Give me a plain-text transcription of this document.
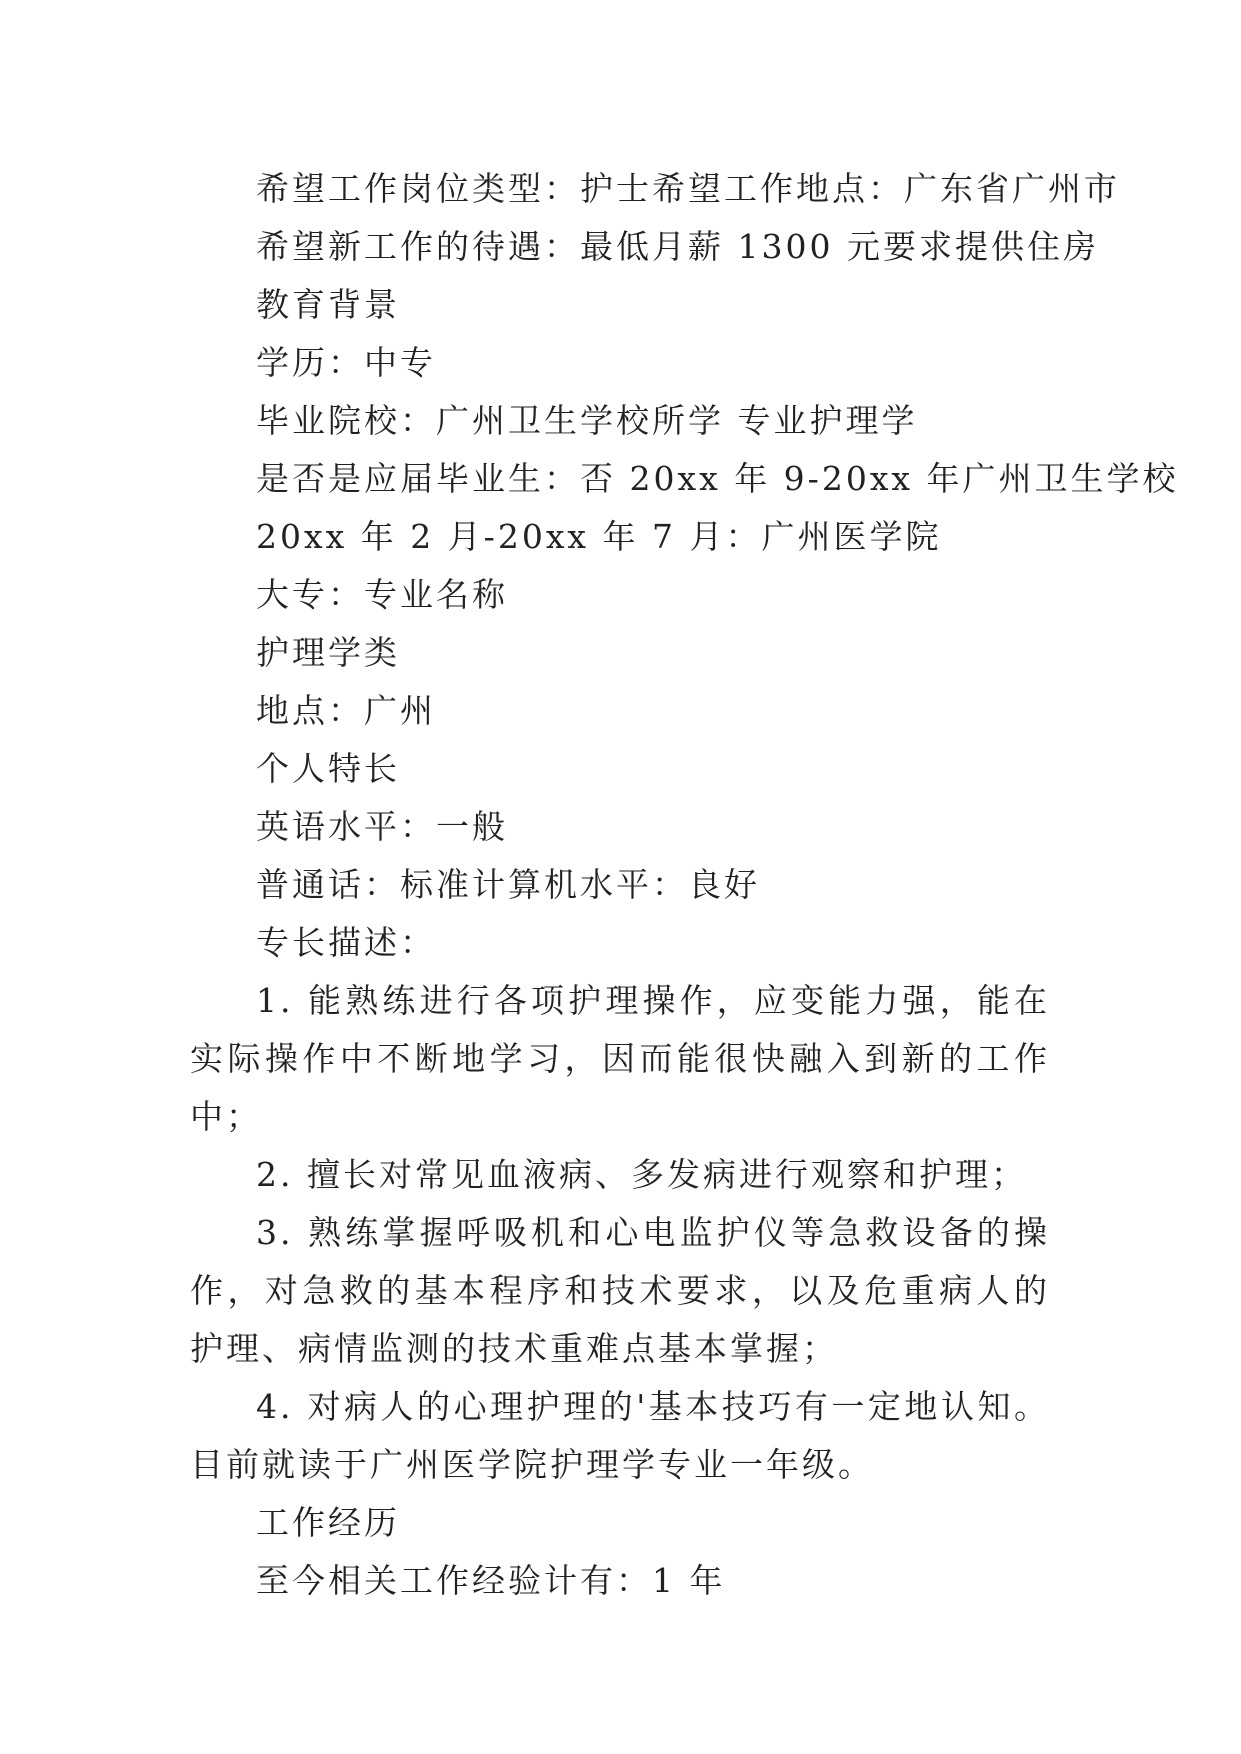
希望工作岗位类型：护士希望工作地点：广东省广州市

希望新工作的待遇：最低月薪 1300 元要求提供住房

教育背景

学历：中专

毕业院校：广州卫生学校所学 专业护理学

是否是应届毕业生：否 20xx 年 9-20xx 年广州卫生学校

20xx 年 2 月-20xx 年 7 月：广州医学院

大专：专业名称

护理学类

地点：广州

个人特长

英语水平：一般

普通话：标准计算机水平：良好

专长描述：

1. 能熟练进行各项护理操作，应变能力强，能在实际操作中不断地学习，因而能很快融入到新的工作中；

2. 擅长对常见血液病、多发病进行观察和护理；

3. 熟练掌握呼吸机和心电监护仪等急救设备的操作，对急救的基本程序和技术要求，以及危重病人的护理、病情监测的技术重难点基本掌握；

4. 对病人的心理护理的'基本技巧有一定地认知。目前就读于广州医学院护理学专业一年级。

工作经历

至今相关工作经验计有：1 年
